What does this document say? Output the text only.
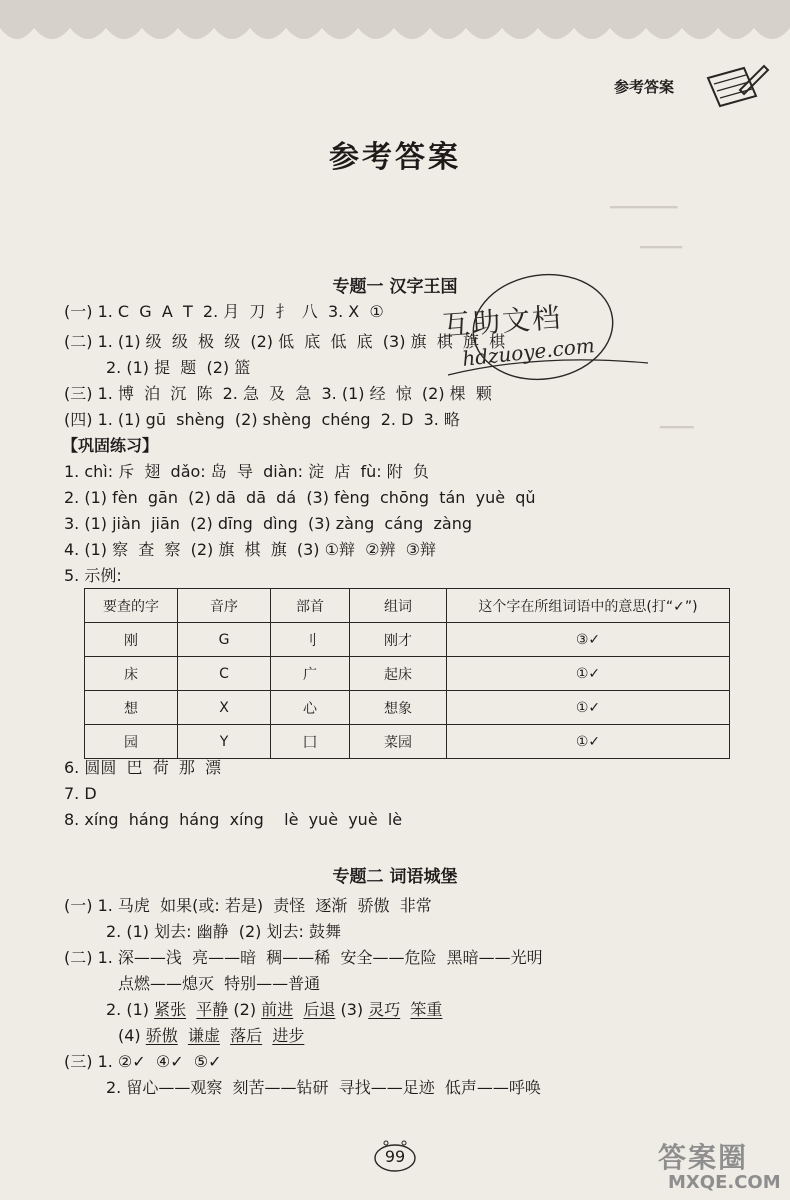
参考答案
━━━━━━━━
━━━━━
━━━━
参考答案
专题一 汉字王国
(一) 1. C  G  A  T  2. 月  刀  扌  八  3. X  ①
(二) 1. (1) 级  级  极  级  (2) 低  底  低  底  (3) 旗  棋  旗  棋
2. (1) 提  题  (2) 篮
(三) 1. 博  泊  沉  陈  2. 急  及  急  3. (1) 经  惊  (2) 棵  颗
(四) 1. (1) gū  shèng  (2) shèng  chéng  2. D  3. 略
【巩固练习】
1. chì: 斥  翅  dǎo: 岛  导  diàn: 淀  店  fù: 附  负
2. (1) fèn  gān  (2) dā  dā  dá  (3) fèng  chōng  tán  yuè  qǔ
3. (1) jiàn  jiān  (2) dīng  dìng  (3) zàng  cáng  zàng
4. (1) 察  查  察  (2) 旗  棋  旗  (3) ①辩  ②辨  ③辩
5. 示例:
要查的字	音序	部首	组词	这个字在所组词语中的意思(打“✓”)
刚	G	刂	刚才	③✓
床	C	广	起床	①✓
想	X	心	想象	①✓
园	Y	囗	菜园	①✓
6. 圆圆  巴  荷  那  漂
7. D
8. xíng  háng  háng  xíng    lè  yuè  yuè  lè
专题二 词语城堡
(一) 1. 马虎  如果(或: 若是)  责怪  逐渐  骄傲  非常
2. (1) 划去: 幽静  (2) 划去: 鼓舞
(二) 1. 深——浅  亮——暗  稠——稀  安全——危险  黑暗——光明
点燃——熄灭  特别——普通
2. (1) 紧张 平静 (2) 前进 后退 (3) 灵巧 笨重
(4) 骄傲 谦虚 落后 进步
(三) 1. ②✓  ④✓  ⑤✓
2. 留心——观察  刻苦——钻研  寻找——足迹  低声——呼唤
互助文档
hdzuoye.com
99	答案圈
MXQE.COM
